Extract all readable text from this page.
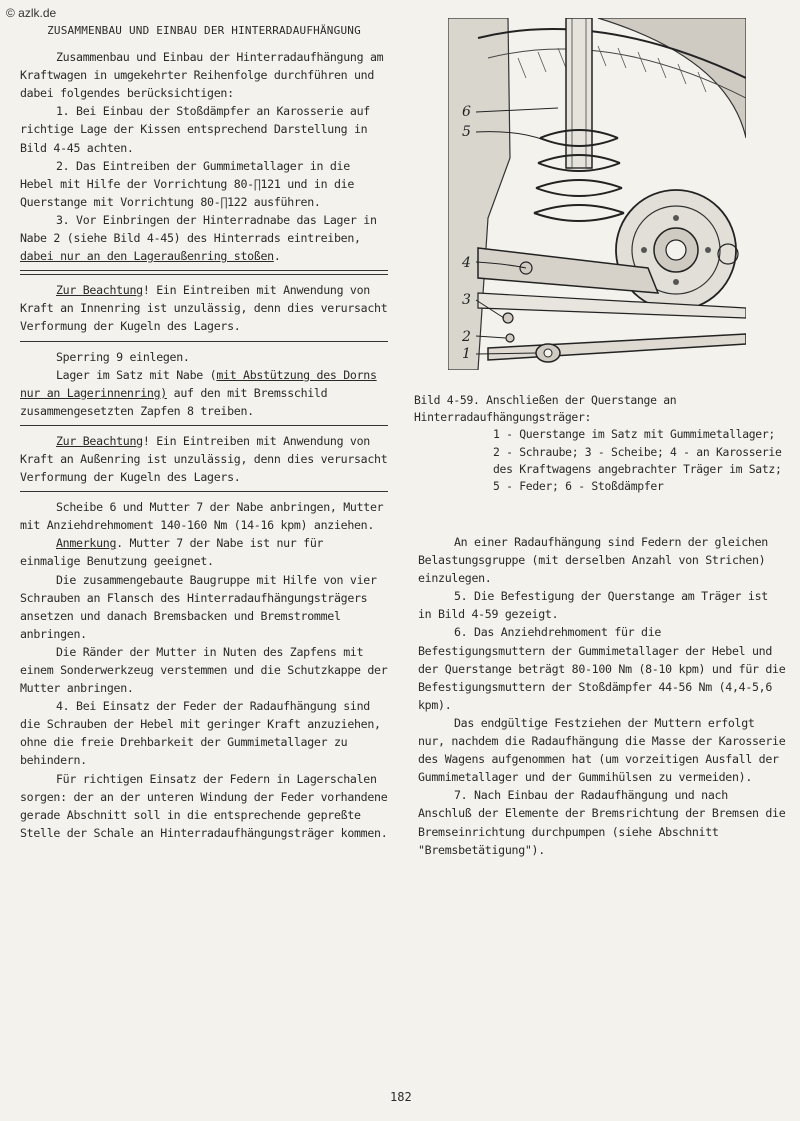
© azlk.de

ZUSAMMENBAU UND EINBAU DER HINTERRADAUFHÄNGUNG

Zusammenbau und Einbau der Hinterradaufhängung am Kraftwagen in umgekehrter Reihenfolge durchführen und dabei folgendes berücksichtigen:

1. Bei Einbau der Stoßdämpfer an Karosserie auf richtige Lage der Kissen entsprechend Darstellung in Bild 4-45 achten.

2. Das Eintreiben der Gummimetallager in die Hebel mit Hilfe der Vorrichtung 80-∏121 und in die Querstange mit Vorrichtung 80-∏122 ausführen.

3. Vor Einbringen der Hinterradnabe das Lager in Nabe 2 (siehe Bild 4-45) des Hinterrads eintreiben, dabei nur an den Lageraußenring stoßen.

Zur Beachtung! Ein Eintreiben mit Anwendung von Kraft an Innenring ist unzulässig, denn dies verursacht Verformung der Kugeln des Lagers.

Sperring 9 einlegen.

Lager im Satz mit Nabe (mit Abstützung des Dorns nur an Lagerinnenring) auf den mit Bremsschild zusammengesetzten Zapfen 8 treiben.

Zur Beachtung! Ein Eintreiben mit Anwendung von Kraft an Außenring ist unzulässig, denn dies verursacht Verformung der Kugeln des Lagers.

Scheibe 6 und Mutter 7 der Nabe anbringen, Mutter mit Anziehdrehmoment 140-160 Nm (14-16 kpm) anziehen.

Anmerkung. Mutter 7 der Nabe ist nur für einmalige Benutzung geeignet.

Die zusammengebaute Baugruppe mit Hilfe von vier Schrauben an Flansch des Hinterradaufhängungsträgers ansetzen und danach Bremsbacken und Bremstrommel anbringen.

Die Ränder der Mutter in Nuten des Zapfens mit einem Sonderwerkzeug verstemmen und die Schutzkappe der Mutter anbringen.

4. Bei Einsatz der Feder der Radaufhängung sind die Schrauben der Hebel mit geringer Kraft anzuziehen, ohne die freie Drehbarkeit der Gummimetallager zu behindern.

Für richtigen Einsatz der Federn in Lagerschalen sorgen: der an der unteren Windung der Feder vorhandene gerade Abschnitt soll in die entsprechende gepreßte Stelle der Schale an Hinterradaufhängungsträger kommen.

6
5
4
3
2
1
Bild 4-59. Anschließen der Querstange an Hinterradaufhängungsträger:
1 - Querstange im Satz mit Gummimetallager; 2 - Schraube; 3 - Scheibe; 4 - an Karosserie des Kraftwagens angebrachter Träger im Satz; 5 - Feder; 6 - Stoßdämpfer

An einer Radaufhängung sind Federn der gleichen Belastungsgruppe (mit derselben Anzahl von Strichen) einzulegen.

5. Die Befestigung der Querstange am Träger ist in Bild 4-59 gezeigt.

6. Das Anziehdrehmoment für die Befestigungsmuttern der Gummimetallager der Hebel und der Querstange beträgt 80-100 Nm (8-10 kpm) und für die Befestigungsmuttern der Stoßdämpfer 44-56 Nm (4,4-5,6 kpm).

Das endgültige Festziehen der Muttern erfolgt nur, nachdem die Radaufhängung die Masse der Karosserie des Wagens aufgenommen hat (um vorzeitigen Ausfall der Gummimetallager und der Gummihülsen zu vermeiden).

7. Nach Einbau der Radaufhängung und nach Anschluß der Elemente der Bremsrichtung der Bremsen die Bremseinrichtung durchpumpen (siehe Abschnitt "Bremsbetätigung").

182
